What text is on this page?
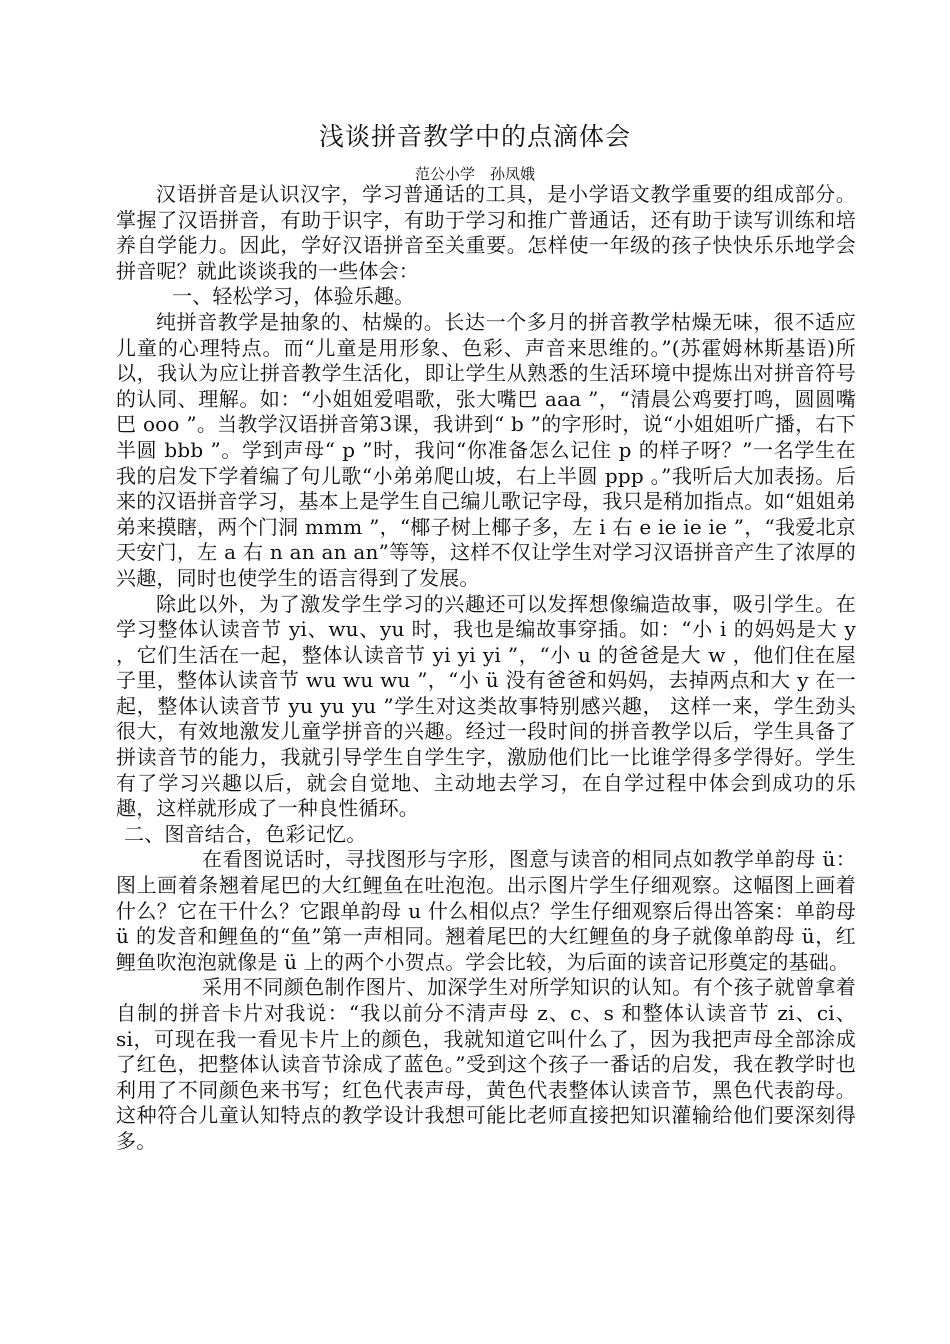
浅谈拼音教学中的点滴体会
范公小学　孙凤娥

汉语拼音是认识汉字，学习普通话的工具，是小学语文教学重要的组成部分。掌握了汉语拼音，有助于识字，有助于学习和推广普通话，还有助于读写训练和培养自学能力。因此，学好汉语拼音至关重要。怎样使一年级的孩子快快乐乐地学会拼音呢？就此谈谈我的一些体会：

一、轻松学习，体验乐趣。

纯拼音教学是抽象的、枯燥的。长达一个多月的拼音教学枯燥无味，很不适应儿童的心理特点。而“儿童是用形象、色彩、声音来思维的。”(苏霍姆林斯基语)所以，我认为应让拼音教学生活化，即让学生从熟悉的生活环境中提炼出对拼音符号的认同、理解。如：“小姐姐爱唱歌，张大嘴巴 aaa ”，“清晨公鸡要打鸣，圆圆嘴巴 ooo ”。当教学汉语拼音第3课，我讲到“ b ”的字形时，说“小姐姐听广播，右下半圆 bbb ”。学到声母“ p ”时，我问“你准备怎么记住 p 的样子呀？”一名学生在我的启发下学着编了句儿歌“小弟弟爬山坡，右上半圆 ppp 。”我听后大加表扬。后来的汉语拼音学习，基本上是学生自己编儿歌记字母，我只是稍加指点。如“姐姐弟弟来摸瞎，两个门洞 mmm ”，“椰子树上椰子多，左 i 右 e ie ie ie ”，“我爱北京天安门，左 a 右 n an an an”等等，这样不仅让学生对学习汉语拼音产生了浓厚的兴趣，同时也使学生的语言得到了发展。

除此以外，为了激发学生学习的兴趣还可以发挥想像编造故事，吸引学生。在学习整体认读音节 yi、wu、yu 时，我也是编故事穿插。如：“小 i 的妈妈是大 y ，它们生活在一起，整体认读音节 yi yi yi ”，“小 u 的爸爸是大 w ，他们住在屋子里，整体认读音节 wu wu wu ”，“小 ü 没有爸爸和妈妈，去掉两点和大 y 在一起，整体认读音节 yu yu yu ”学生对这类故事特别感兴趣， 这样一来，学生劲头很大，有效地激发儿童学拼音的兴趣。经过一段时间的拼音教学以后，学生具备了拼读音节的能力，我就引导学生自学生字，激励他们比一比谁学得多学得好。学生有了学习兴趣以后，就会自觉地、主动地去学习，在自学过程中体会到成功的乐趣，这样就形成了一种良性循环。

二、图音结合，色彩记忆。

在看图说话时，寻找图形与字形，图意与读音的相同点如教学单韵母 ü：图上画着条翘着尾巴的大红鲤鱼在吐泡泡。出示图片学生仔细观察。这幅图上画着什么？它在干什么？它跟单韵母 u 什么相似点？学生仔细观察后得出答案：单韵母 ü 的发音和鲤鱼的“鱼”第一声相同。翘着尾巴的大红鲤鱼的身子就像单韵母 ü，红鲤鱼吹泡泡就像是 ü 上的两个小贺点。学会比较，为后面的读音记形奠定的基础。

采用不同颜色制作图片、加深学生对所学知识的认知。有个孩子就曾拿着自制的拼音卡片对我说：“我以前分不清声母 z、c、s 和整体认读音节 zi、ci、si，可现在我一看见卡片上的颜色，我就知道它叫什么了，因为我把声母全部涂成了红色，把整体认读音节涂成了蓝色。”受到这个孩子一番话的启发，我在教学时也利用了不同颜色来书写；红色代表声母，黄色代表整体认读音节，黑色代表韵母。这种符合儿童认知特点的教学设计我想可能比老师直接把知识灌输给他们要深刻得多。
